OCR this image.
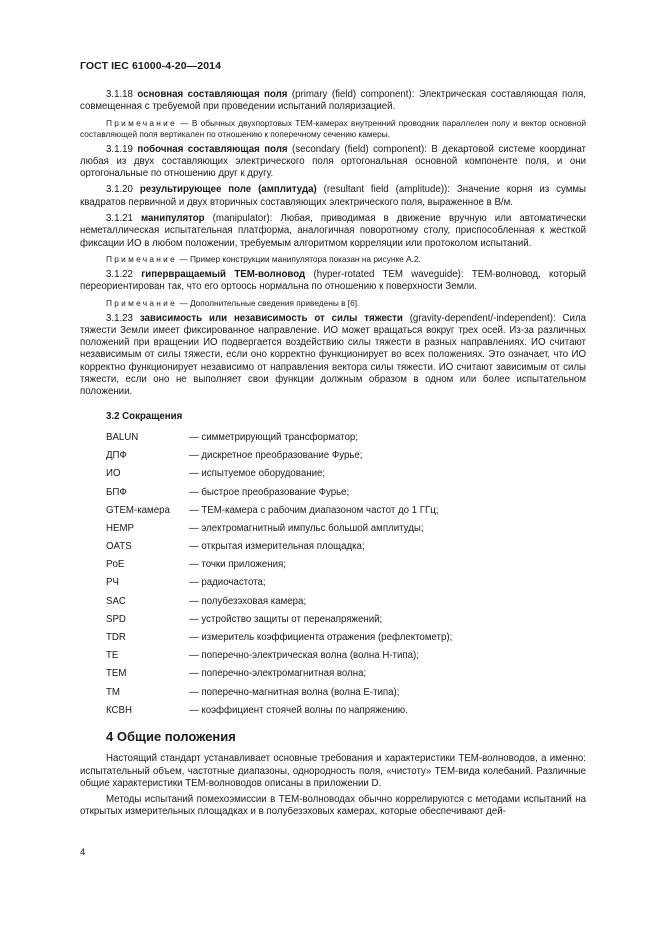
ГОСТ IEC 61000-4-20—2014

3.1.18 основная составляющая поля (primary (field) component): Электрическая составляющая поля, совмещенная с требуемой при проведении испытаний поляризацией.

Примечание — В обычных двухпортовых ТЕМ-камерах внутренний проводник параллелен полу и вектор основной составляющей поля вертикален по отношению к поперечному сечению камеры.

3.1.19 побочная составляющая поля (secondary (field) component): В декартовой системе координат любая из двух составляющих электрического поля ортогональная основной компоненте поля, и они ортогональные по отношению друг к другу.

3.1.20 результирующее поле (амплитуда) (resultant field (amplitude)): Значение корня из суммы квадратов первичной и двух вторичных составляющих электрического поля, выраженное в В/м.

3.1.21 манипулятор (manipulator): Любая, приводимая в движение вручную или автоматически неметаллическая испытательная платформа, аналогичная поворотному столу, приспособленная к жесткой фиксации ИО в любом положении, требуемым алгоритмом корреляции или протоколом испытаний.

Примечание — Пример конструкции манипулятора показан на рисунке А.2.

3.1.22 гипервращаемый ТЕМ-волновод (hyper-rotated TEM waveguide): ТЕМ-волновод, который переориентирован так, что его ортоось нормальна по отношению к поверхности Земли.

Примечание — Дополнительные сведения приведены в [6].

3.1.23 зависимость или независимость от силы тяжести (gravity-dependent/-independent): Сила тяжести Земли имеет фиксированное направление. ИО может вращаться вокруг трех осей. Из-за различных положений при вращении ИО подвергается воздействию силы тяжести в разных направлениях. ИО считают независимым от силы тяжести, если оно корректно функционирует во всех положениях. Это означает, что ИО корректно функционирует независимо от направления вектора силы тяжести. ИО считают зависимым от силы тяжести, если оно не выполняет свои функции должным образом в одном или более испытательном положении.

3.2 Сокращения
BALUN	— симметрирующий трансформатор;
ДПФ	— дискретное преобразование Фурье;
ИО	— испытуемое оборудование;
БПФ	— быстрое преобразование Фурье;
GTEM-камера	— ТЕМ-камера с рабочим диапазоном частот до 1 ГГц;
HEMP	— электромагнитный импульс большой амплитуды;
OATS	— открытая измерительная площадка;
PoE	— точки приложения;
РЧ	— радиочастота;
SAC	— полубезэховая камера;
SPD	— устройство защиты от перенапряжений;
TDR	— измеритель коэффициента отражения (рефлектометр);
TE	— поперечно-электрическая волна (волна Н-типа);
TEM	— поперечно-электромагнитная волна;
TM	— поперечно-магнитная волна (волна Е-типа);
КСВН	— коэффициент стоячей волны по напряжению.
4 Общие положения

Настоящий стандарт устанавливает основные требования и характеристики ТЕМ-волноводов, а именно: испытательный объем, частотные диапазоны, однородность поля, «чистоту» ТЕМ-вида колебаний. Различные общие характеристики ТЕМ-волноводов описаны в приложении D.

Методы испытаний помехоэмиссии в ТЕМ-волноводах обычно коррелируются с методами испытаний на открытых измерительных площадках и в полубезэховых камерах, которые обеспечивают дей-

4
